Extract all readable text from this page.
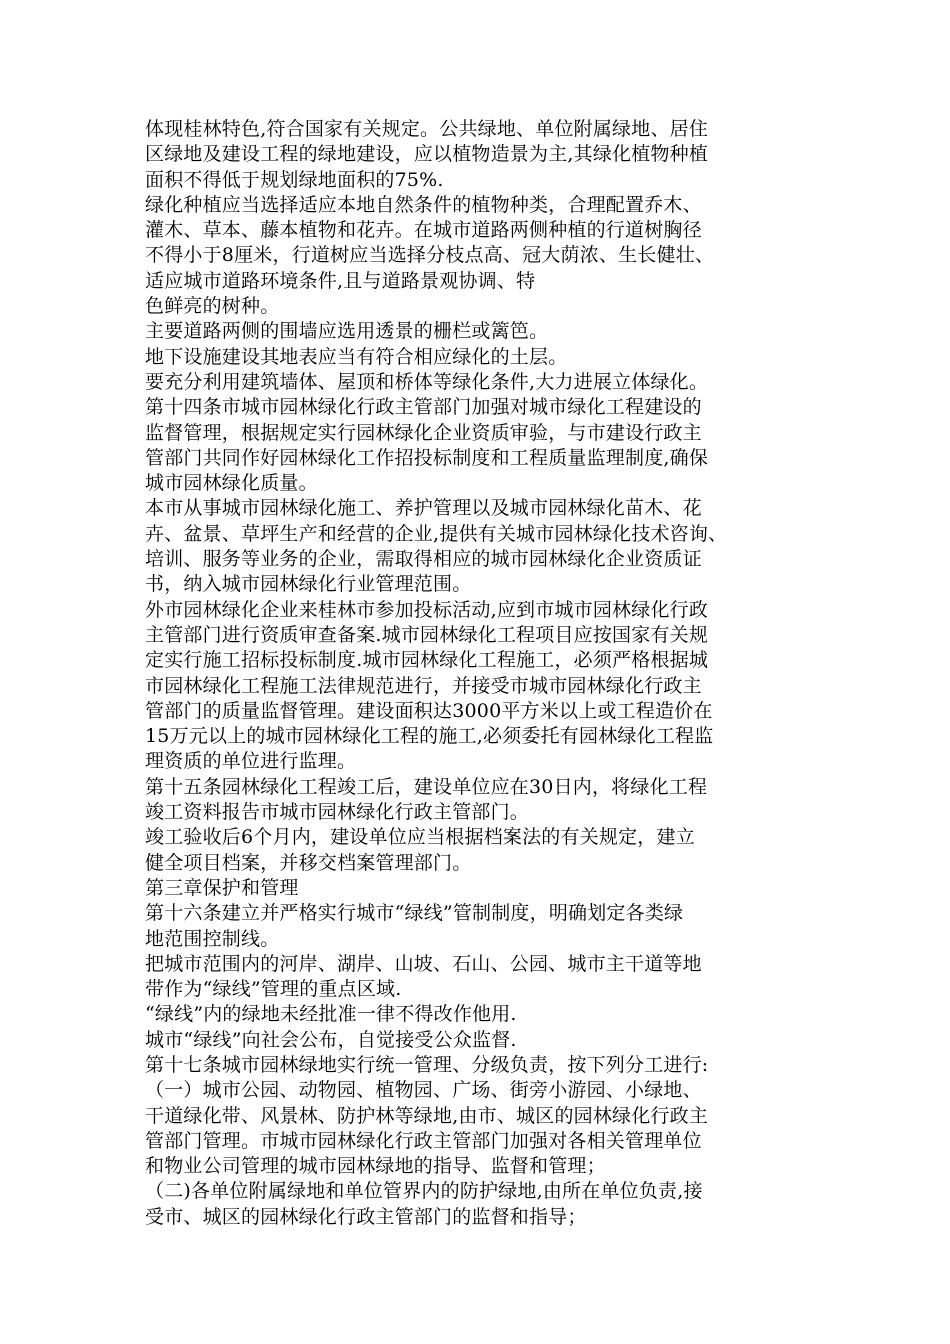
体现桂林特色,符合国家有关规定。公共绿地、单位附属绿地、居住
区绿地及建设工程的绿地建设，应以植物造景为主,其绿化植物种植
面积不得低于规划绿地面积的75%.

绿化种植应当选择适应本地自然条件的植物种类，合理配置乔木、
灌木、草本、藤本植物和花卉。在城市道路两侧种植的行道树胸径
不得小于8厘米，行道树应当选择分枝点高、冠大荫浓、生长健壮、
适应城市道路环境条件,且与道路景观协调、特

色鲜亮的树种。

主要道路两侧的围墙应选用透景的栅栏或篱笆。

地下设施建设其地表应当有符合相应绿化的土层。

要充分利用建筑墙体、屋顶和桥体等绿化条件,大力进展立体绿化。

第十四条市城市园林绿化行政主管部门加强对城市绿化工程建设的
监督管理，根据规定实行园林绿化企业资质审验，与市建设行政主
管部门共同作好园林绿化工作招投标制度和工程质量监理制度,确保
城市园林绿化质量。

本市从事城市园林绿化施工、养护管理以及城市园林绿化苗木、花
卉、盆景、草坪生产和经营的企业,提供有关城市园林绿化技术咨询、
培训、服务等业务的企业，需取得相应的城市园林绿化企业资质证
书，纳入城市园林绿化行业管理范围。

外市园林绿化企业来桂林市参加投标活动,应到市城市园林绿化行政
主管部门进行资质审查备案.城市园林绿化工程项目应按国家有关规
定实行施工招标投标制度.城市园林绿化工程施工，必须严格根据城
市园林绿化工程施工法律规范进行，并接受市城市园林绿化行政主
管部门的质量监督管理。建设面积达3000平方米以上或工程造价在
15万元以上的城市园林绿化工程的施工,必须委托有园林绿化工程监
理资质的单位进行监理。

第十五条园林绿化工程竣工后，建设单位应在30日内，将绿化工程
竣工资料报告市城市园林绿化行政主管部门。

竣工验收后6个月内，建设单位应当根据档案法的有关规定，建立
健全项目档案，并移交档案管理部门。

第三章保护和管理

第十六条建立并严格实行城市“绿线”管制制度，明确划定各类绿
地范围控制线。

把城市范围内的河岸、湖岸、山坡、石山、公园、城市主干道等地
带作为“绿线”管理的重点区域.

“绿线”内的绿地未经批准一律不得改作他用.

城市“绿线”向社会公布，自觉接受公众监督.

第十七条城市园林绿地实行统一管理、分级负责，按下列分工进行:

（一）城市公园、动物园、植物园、广场、街旁小游园、小绿地、
干道绿化带、风景林、防护林等绿地,由市、城区的园林绿化行政主
管部门管理。市城市园林绿化行政主管部门加强对各相关管理单位
和物业公司管理的城市园林绿地的指导、监督和管理；

（二)各单位附属绿地和单位管界内的防护绿地,由所在单位负责,接
受市、城区的园林绿化行政主管部门的监督和指导；
